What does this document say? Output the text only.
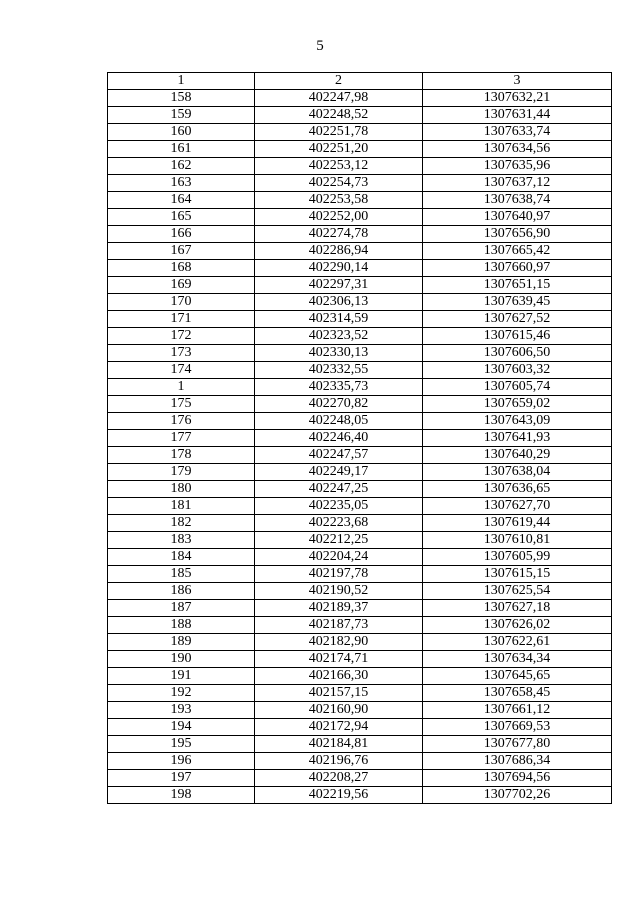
5
1	2	3
158	402247,98	1307632,21
159	402248,52	1307631,44
160	402251,78	1307633,74
161	402251,20	1307634,56
162	402253,12	1307635,96
163	402254,73	1307637,12
164	402253,58	1307638,74
165	402252,00	1307640,97
166	402274,78	1307656,90
167	402286,94	1307665,42
168	402290,14	1307660,97
169	402297,31	1307651,15
170	402306,13	1307639,45
171	402314,59	1307627,52
172	402323,52	1307615,46
173	402330,13	1307606,50
174	402332,55	1307603,32
1	402335,73	1307605,74
175	402270,82	1307659,02
176	402248,05	1307643,09
177	402246,40	1307641,93
178	402247,57	1307640,29
179	402249,17	1307638,04
180	402247,25	1307636,65
181	402235,05	1307627,70
182	402223,68	1307619,44
183	402212,25	1307610,81
184	402204,24	1307605,99
185	402197,78	1307615,15
186	402190,52	1307625,54
187	402189,37	1307627,18
188	402187,73	1307626,02
189	402182,90	1307622,61
190	402174,71	1307634,34
191	402166,30	1307645,65
192	402157,15	1307658,45
193	402160,90	1307661,12
194	402172,94	1307669,53
195	402184,81	1307677,80
196	402196,76	1307686,34
197	402208,27	1307694,56
198	402219,56	1307702,26
